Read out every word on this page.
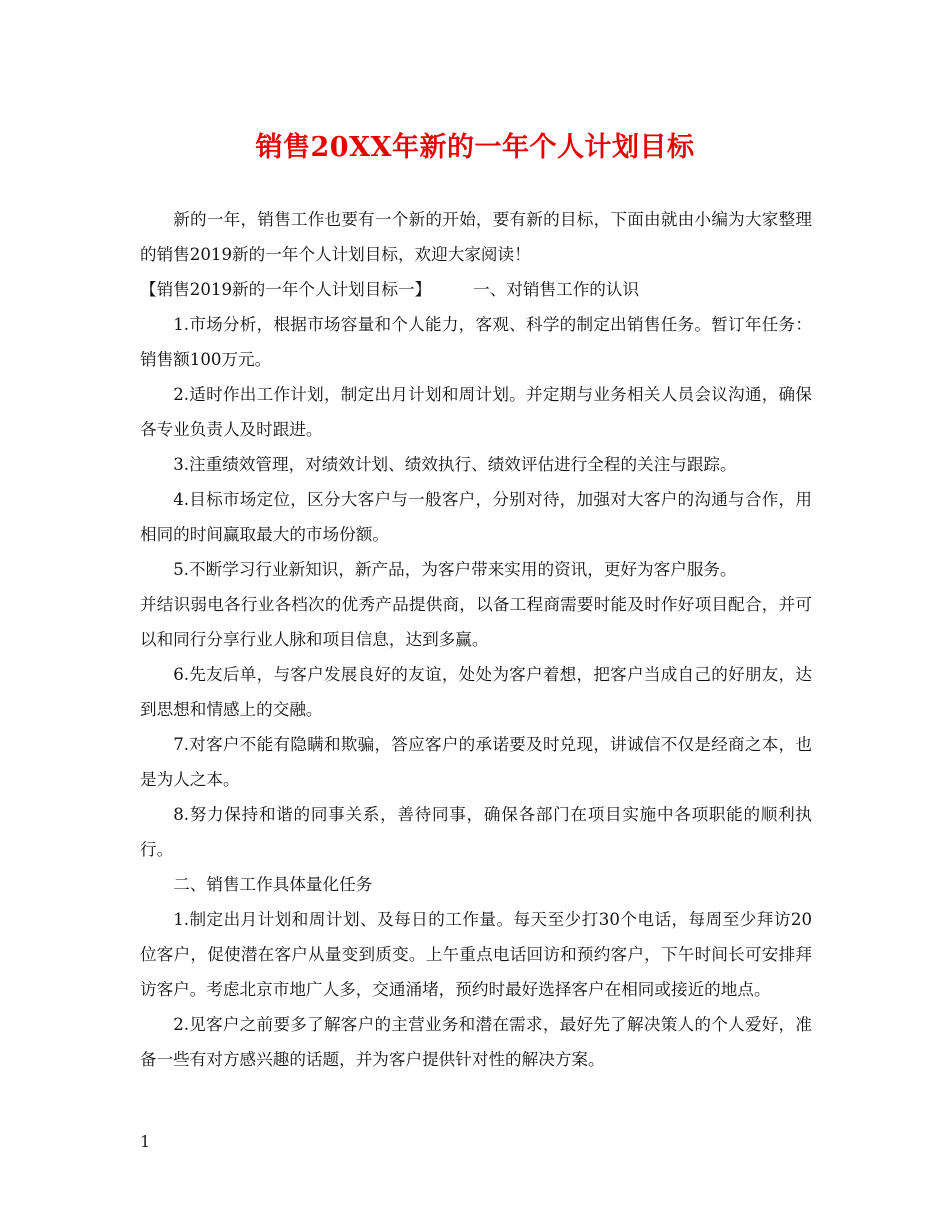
销售20XX年新的一年个人计划目标

新的一年，销售工作也要有一个新的开始，要有新的目标，下面由就由小编为大家整理的销售2019新的一年个人计划目标，欢迎大家阅读！

【销售2019新的一年个人计划目标一】	一、对销售工作的认识

1.市场分析，根据市场容量和个人能力，客观、科学的制定出销售任务。暂订年任务：销售额100万元。

2.适时作出工作计划，制定出月计划和周计划。并定期与业务相关人员会议沟通，确保各专业负责人及时跟进。

3.注重绩效管理，对绩效计划、绩效执行、绩效评估进行全程的关注与跟踪。

4.目标市场定位，区分大客户与一般客户，分别对待，加强对大客户的沟通与合作，用相同的时间赢取最大的市场份额。

5.不断学习行业新知识，新产品，为客户带来实用的资讯，更好为客户服务。

并结识弱电各行业各档次的优秀产品提供商，以备工程商需要时能及时作好项目配合，并可以和同行分享行业人脉和项目信息，达到多赢。

6.先友后单，与客户发展良好的友谊，处处为客户着想，把客户当成自己的好朋友，达到思想和情感上的交融。

7.对客户不能有隐瞒和欺骗，答应客户的承诺要及时兑现，讲诚信不仅是经商之本，也是为人之本。

8.努力保持和谐的同事关系，善待同事，确保各部门在项目实施中各项职能的顺利执行。

二、销售工作具体量化任务

1.制定出月计划和周计划、及每日的工作量。每天至少打30个电话，每周至少拜访20位客户，促使潜在客户从量变到质变。上午重点电话回访和预约客户，下午时间长可安排拜访客户。考虑北京市地广人多，交通涌堵，预约时最好选择客户在相同或接近的地点。

2.见客户之前要多了解客户的主营业务和潜在需求，最好先了解决策人的个人爱好，准备一些有对方感兴趣的话题，并为客户提供针对性的解决方案。

1
